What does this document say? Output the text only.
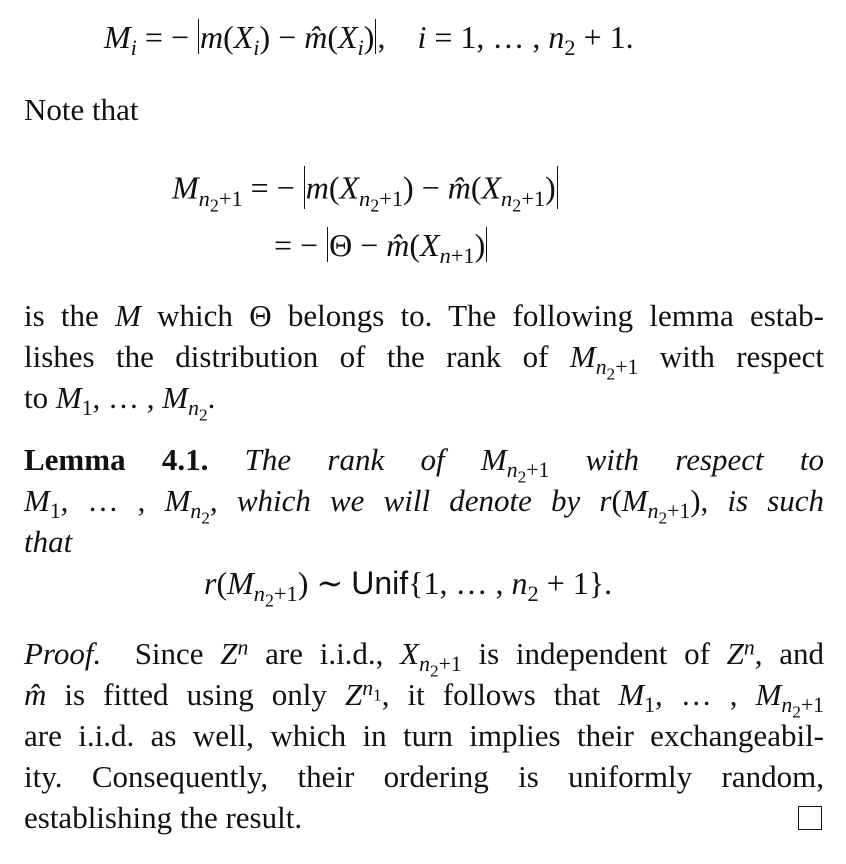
$M_i$ = − $m(X_i)$ − $m̂(X_i)$,    i = 1, … , $n_2 + 1$.
Note that
$M_{n_2+1}$ = − $m(X_{n_2+1})$ − $m̂(X_{n_2+1})$
= − $\Theta - m̂(X_{n+1})$
is the M which Θ belongs to. The following lemma estab-
lishes the distribution of the rank of $M_{n_2+1}$ with respect
to $M_1$, … , $M_{n_2}$.
Lemma 4.1. The rank of $M_{n_2+1}$ with respect to
$M_1$, … , $M_{n_2}$, which we will denote by $r(M_{n_2+1})$, is such
that
$r(M_{n_2+1})$ ∼ Unif{1, … , $n_2 + 1$}.
Proof. Since $Z^n$ are i.i.d., $X_{n_2+1}$ is independent of $Z^n$, and
m̂ is fitted using only $Z^{n_1}$, it follows that $M_1$, … , $M_{n_2+1}$
are i.i.d. as well, which in turn implies their exchangeabil-
ity. Consequently, their ordering is uniformly random,
establishing the result.
